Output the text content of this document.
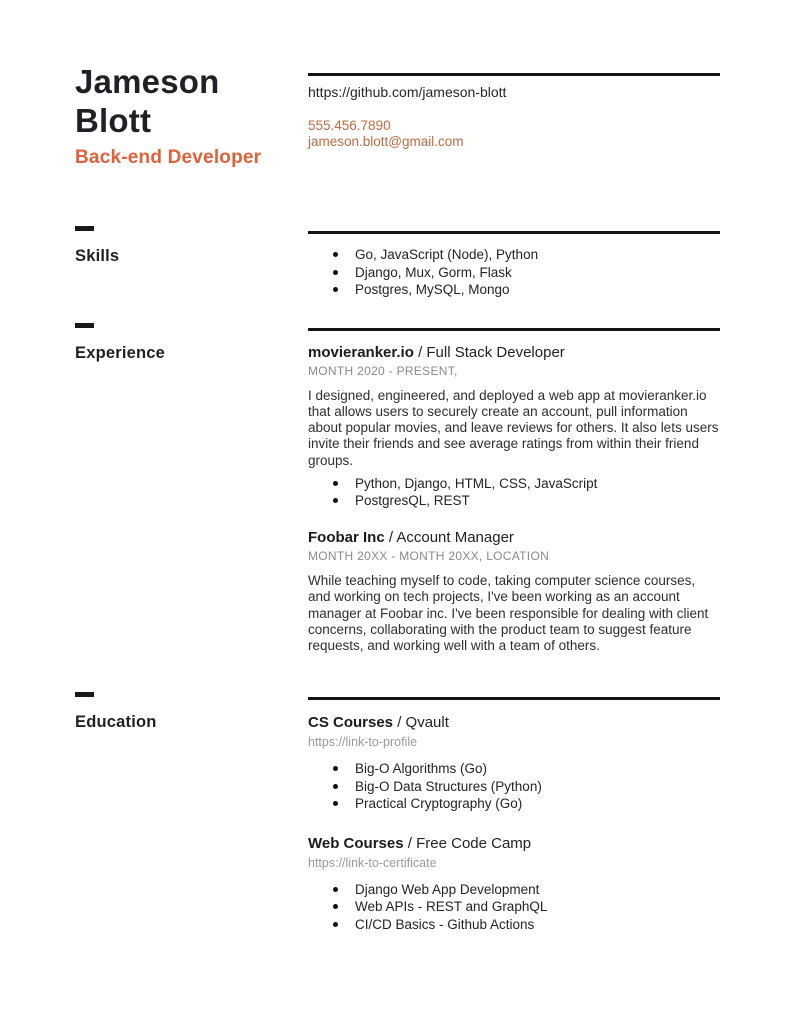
Jameson
Blott
Back-end Developer
https://github.com/jameson-blott
555.456.7890
jameson.blott@gmail.com
Skills	Go, JavaScript (Node), Python
Django, Mux, Gorm, Flask
Postgres, MySQL, Mongo
Experience	movieranker.io / Full Stack Developer
MONTH 2020 - PRESENT,
I designed, engineered, and deployed a web app at movieranker.io that allows users to securely create an account, pull information about popular movies, and leave reviews for others. It also lets users invite their friends and see average ratings from within their friend groups.
Python, Django, HTML, CSS, JavaScript
PostgresQL, REST
Foobar Inc / Account Manager
MONTH 20XX - MONTH 20XX, LOCATION
While teaching myself to code, taking computer science courses, and working on tech projects, I've been working as an account manager at Foobar inc. I've been responsible for dealing with client concerns, collaborating with the product team to suggest feature requests, and working well with a team of others.
Education	CS Courses / Qvault
https://link-to-profile
Big-O Algorithms (Go)
Big-O Data Structures (Python)
Practical Cryptography (Go)
Web Courses / Free Code Camp
https://link-to-certificate
Django Web App Development
Web APIs - REST and GraphQL
CI/CD Basics - Github Actions
